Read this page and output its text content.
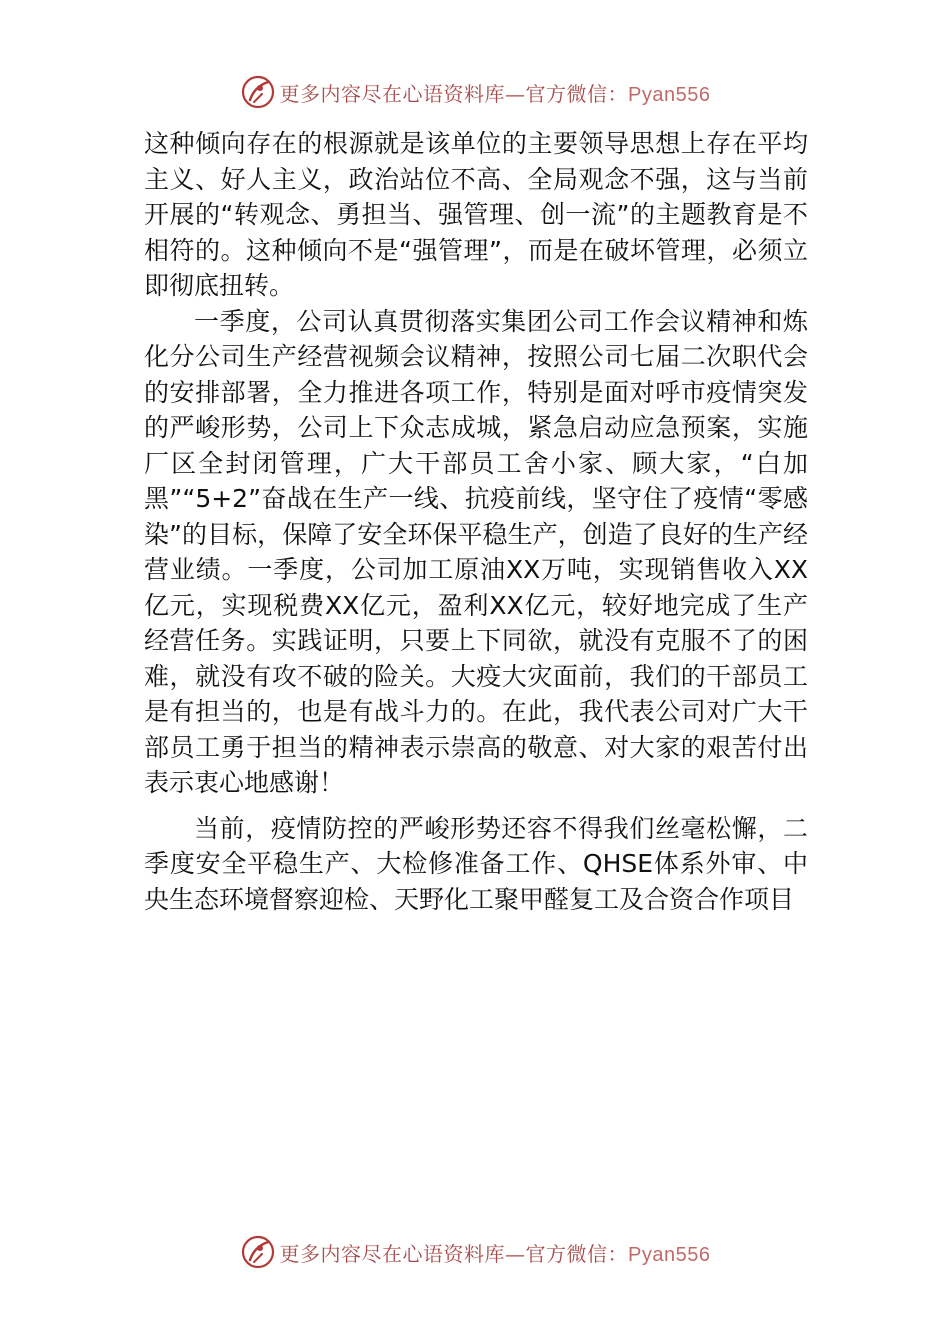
更多内容尽在心语资料库—官方微信：Pyan556

这种倾向存在的根源就是该单位的主要领导思想上存在平均主义、好人主义，政治站位不高、全局观念不强，这与当前开展的“转观念、勇担当、强管理、创一流”的主题教育是不相符的。这种倾向不是“强管理”，而是在破坏管理，必须立即彻底扭转。

一季度，公司认真贯彻落实集团公司工作会议精神和炼化分公司生产经营视频会议精神，按照公司七届二次职代会的安排部署，全力推进各项工作，特别是面对呼市疫情突发的严峻形势，公司上下众志成城，紧急启动应急预案，实施厂区全封闭管理，广大干部员工舍小家、顾大家，“白加黑”“5+2”奋战在生产一线、抗疫前线，坚守住了疫情“零感染”的目标，保障了安全环保平稳生产，创造了良好的生产经营业绩。一季度，公司加工原油XX万吨，实现销售收入XX亿元，实现税费XX亿元，盈利XX亿元，较好地完成了生产经营任务。实践证明，只要上下同欲，就没有克服不了的困难，就没有攻不破的险关。大疫大灾面前，我们的干部员工是有担当的，也是有战斗力的。在此，我代表公司对广大干部员工勇于担当的精神表示崇高的敬意、对大家的艰苦付出表示衷心地感谢！

当前，疫情防控的严峻形势还容不得我们丝毫松懈，二季度安全平稳生产、大检修准备工作、QHSE体系外审、中央生态环境督察迎检、天野化工聚甲醛复工及合资合作项目

更多内容尽在心语资料库—官方微信：Pyan556
